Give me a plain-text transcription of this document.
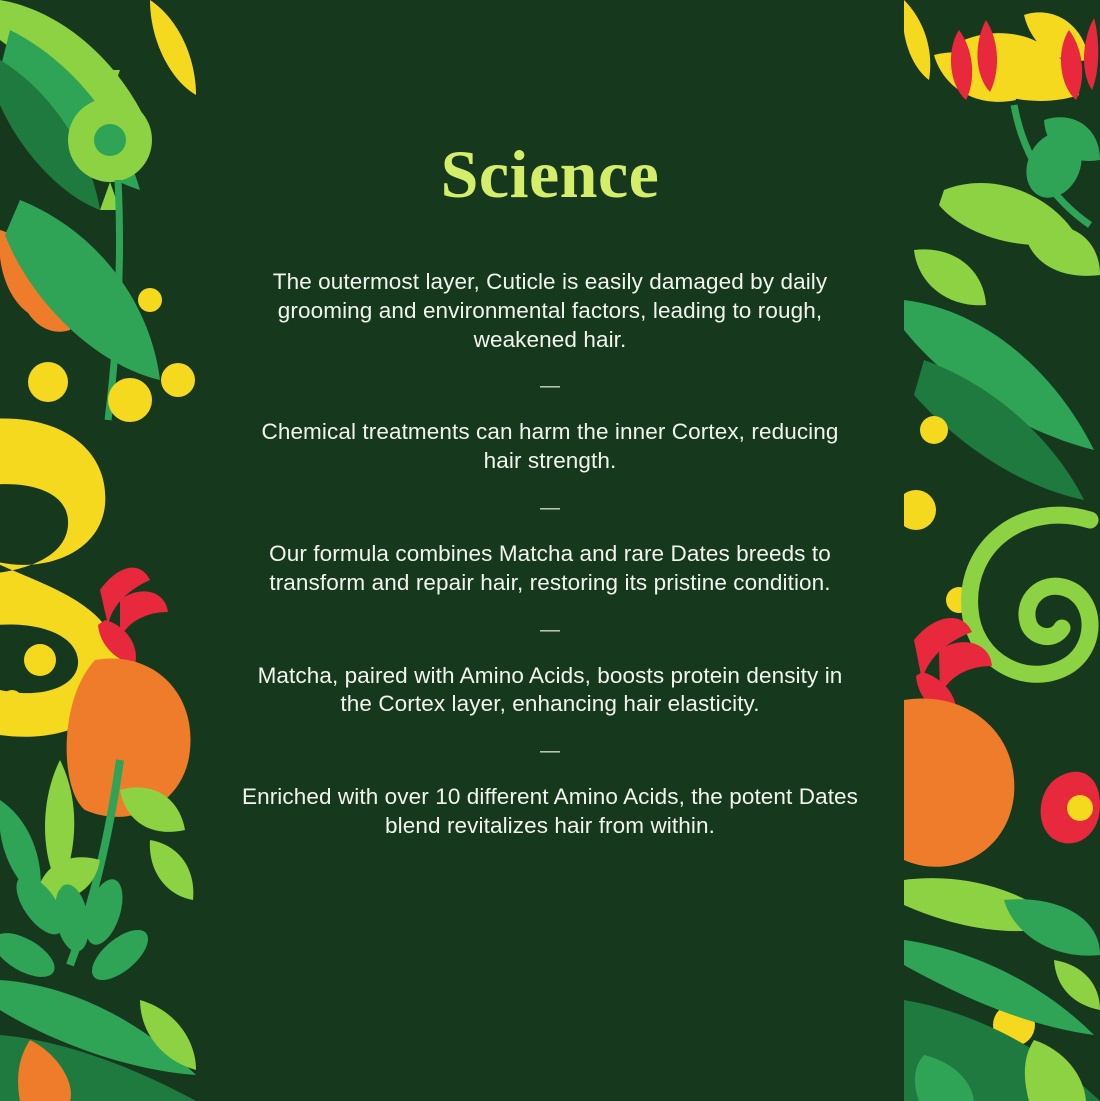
Science

The outermost layer, Cuticle is easily damaged by daily grooming and environmental factors, leading to rough, weakened hair.

—

Chemical treatments can harm the inner Cortex, reducing hair strength.

—

Our formula combines Matcha and rare Dates breeds to transform and repair hair, restoring its pristine condition.

—

Matcha, paired with Amino Acids, boosts protein density in the Cortex layer, enhancing hair elasticity.

—

Enriched with over 10 different Amino Acids, the potent Dates blend revitalizes hair from within.
